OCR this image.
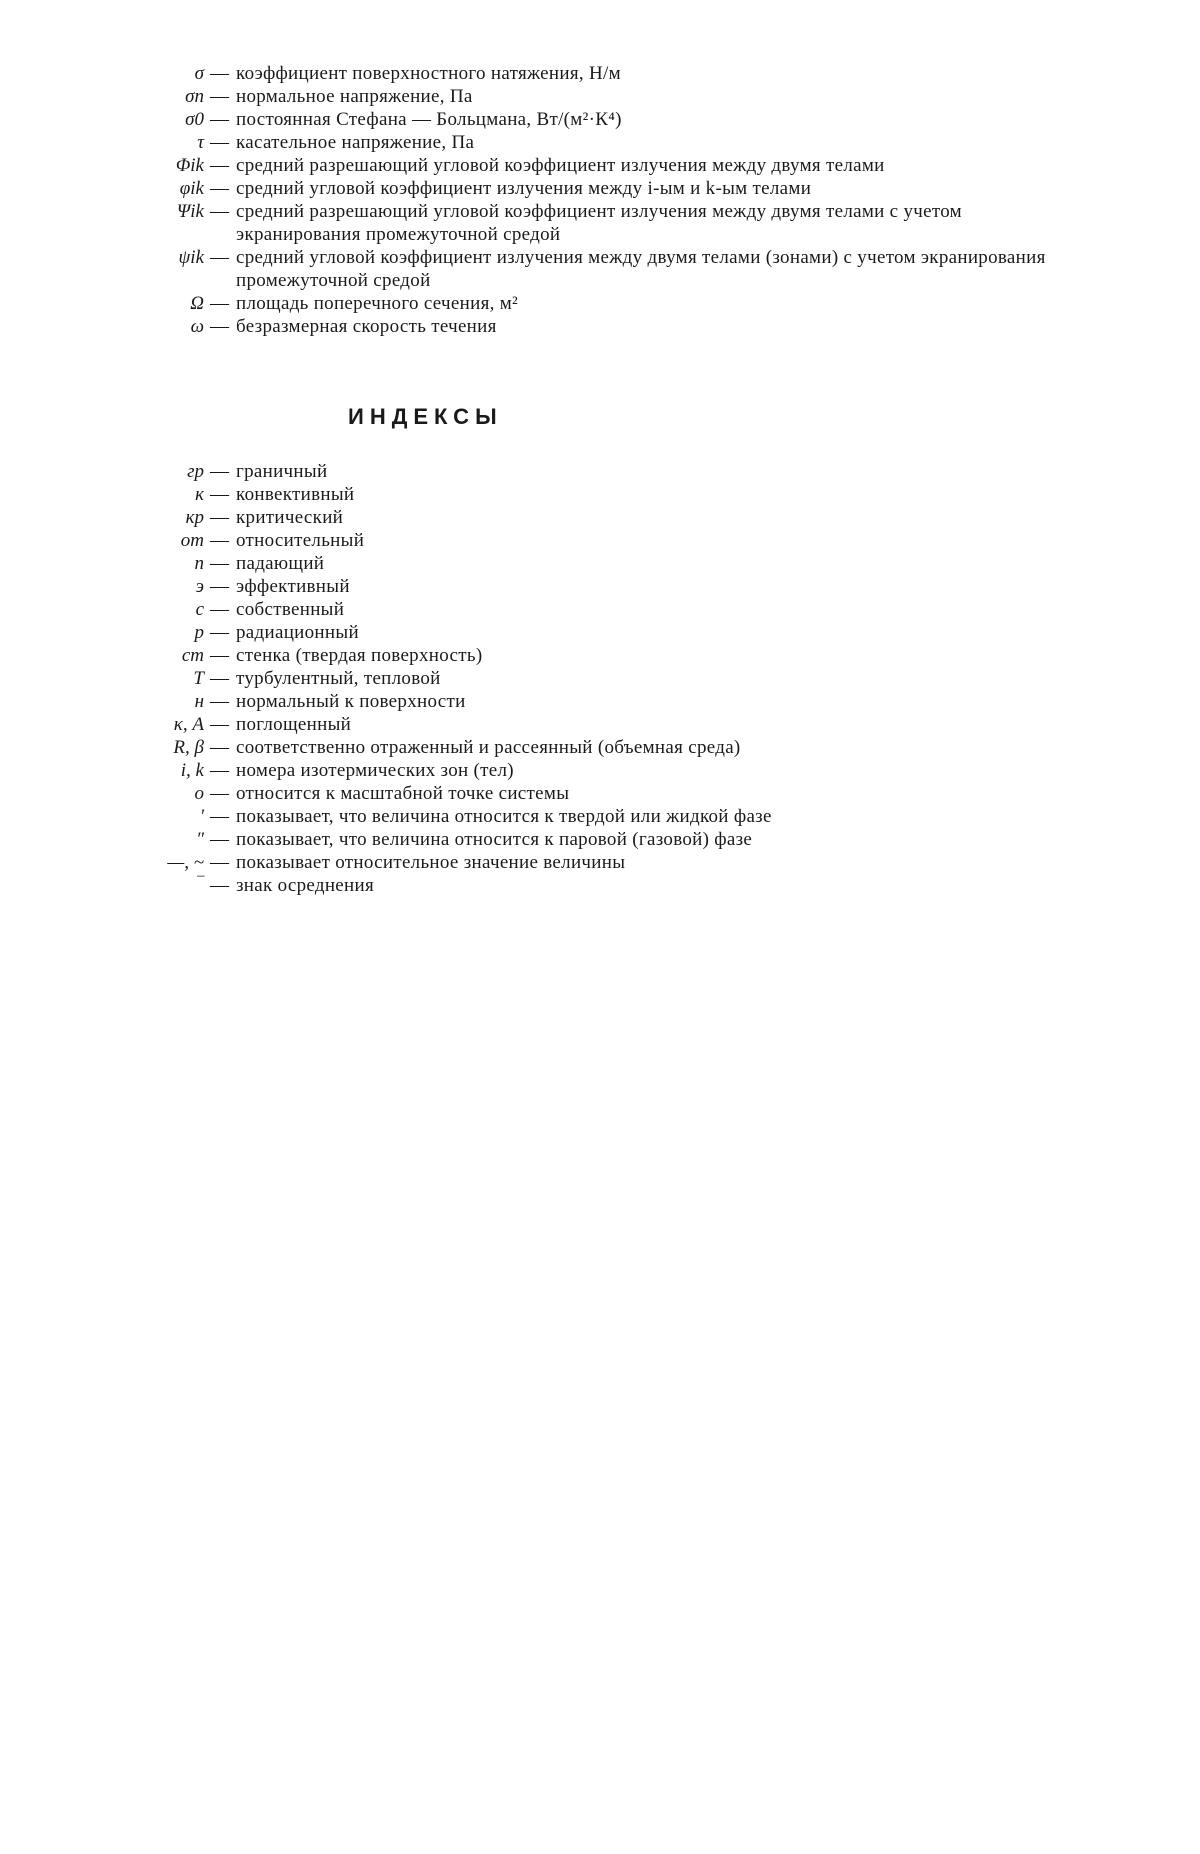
σ — коэффициент поверхностного натяжения, Н/м
σn — нормальное напряжение, Па
σ0 — постоянная Стефана — Больцмана, Вт/(м²·К⁴)
τ — касательное напряжение, Па
Φik — средний разрешающий угловой коэффициент излучения между двумя телами
φik — средний угловой коэффициент излучения между i-ым и k-ым телами
Ψik — средний разрешающий угловой коэффициент излучения между двумя телами с учетом экранирования промежуточной средой
ψik — средний угловой коэффициент излучения между двумя телами (зонами) с учетом экранирования промежуточной средой
Ω — площадь поперечного сечения, м²
ω — безразмерная скорость течения
ИНДЕКСЫ
гр — граничный
к — конвективный
кр — критический
от — относительный
п — падающий
э — эффективный
с — собственный
р — радиационный
ст — стенка (твердая поверхность)
T — турбулентный, тепловой
н — нормальный к поверхности
κ, A — поглощенный
R, β — соответственно отраженный и рассеянный (объемная среда)
i, k — номера изотермических зон (тел)
о — относится к масштабной точке системы
′ — показывает, что величина относится к твердой или жидкой фазе
″ — показывает, что величина относится к паровой (газовой) фазе
—, ~ — показывает относительное значение величины
‾ — знак осреднения
